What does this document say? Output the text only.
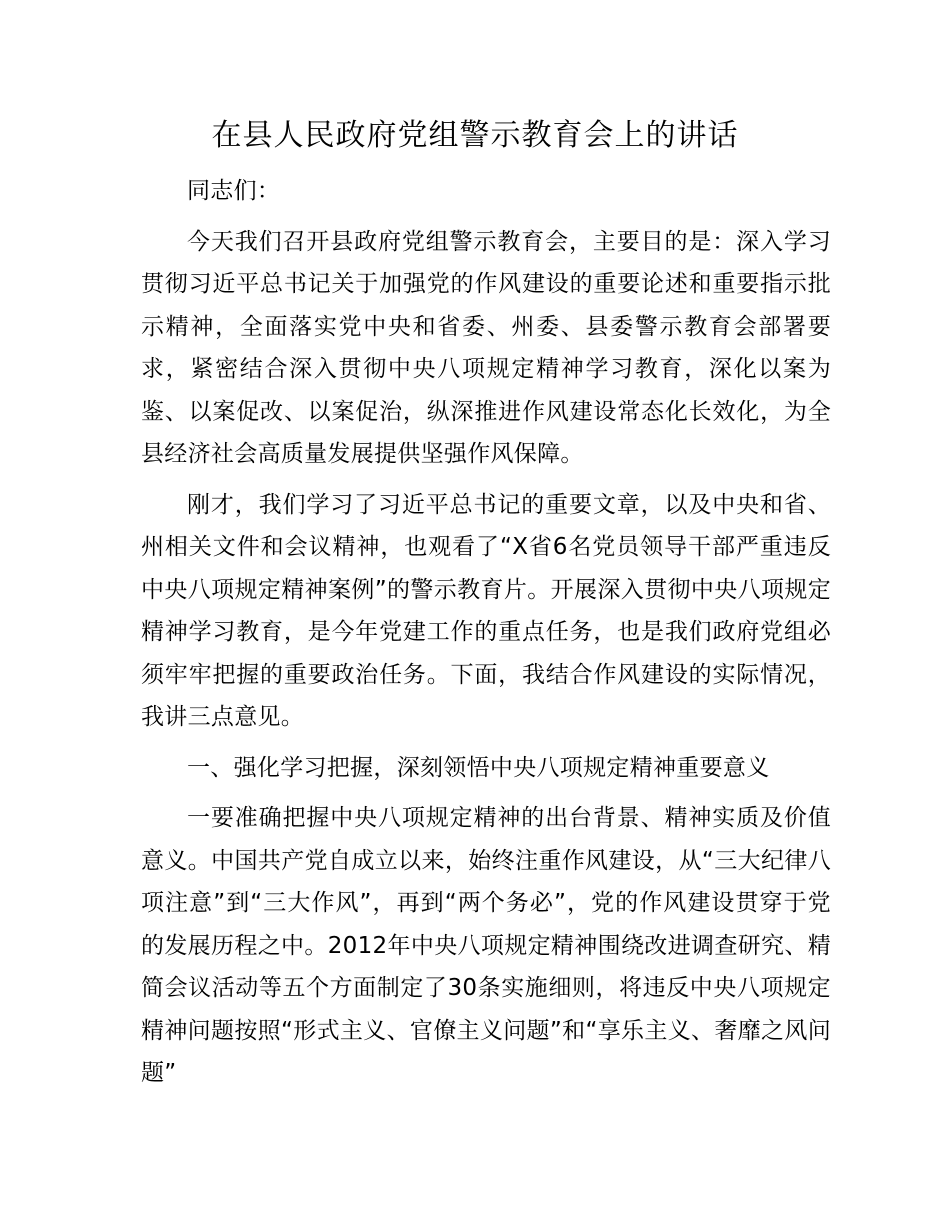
在县人民政府党组警示教育会上的讲话

同志们：

今天我们召开县政府党组警示教育会，主要目的是：深入学习贯彻习近平总书记关于加强党的作风建设的重要论述和重要指示批示精神，全面落实党中央和省委、州委、县委警示教育会部署要求，紧密结合深入贯彻中央八项规定精神学习教育，深化以案为鉴、以案促改、以案促治，纵深推进作风建设常态化长效化，为全县经济社会高质量发展提供坚强作风保障。

刚才，我们学习了习近平总书记的重要文章，以及中央和省、州相关文件和会议精神，也观看了“X省6名党员领导干部严重违反中央八项规定精神案例”的警示教育片。开展深入贯彻中央八项规定精神学习教育，是今年党建工作的重点任务，也是我们政府党组必须牢牢把握的重要政治任务。下面，我结合作风建设的实际情况，我讲三点意见。

一、强化学习把握，深刻领悟中央八项规定精神重要意义

一要准确把握中央八项规定精神的出台背景、精神实质及价值意义。中国共产党自成立以来，始终注重作风建设，从“三大纪律八项注意”到“三大作风”，再到“两个务必”，党的作风建设贯穿于党的发展历程之中。2012年中央八项规定精神围绕改进调查研究、精简会议活动等五个方面制定了30条实施细则，将违反中央八项规定精神问题按照“形式主义、官僚主义问题”和“享乐主义、奢靡之风问题”
